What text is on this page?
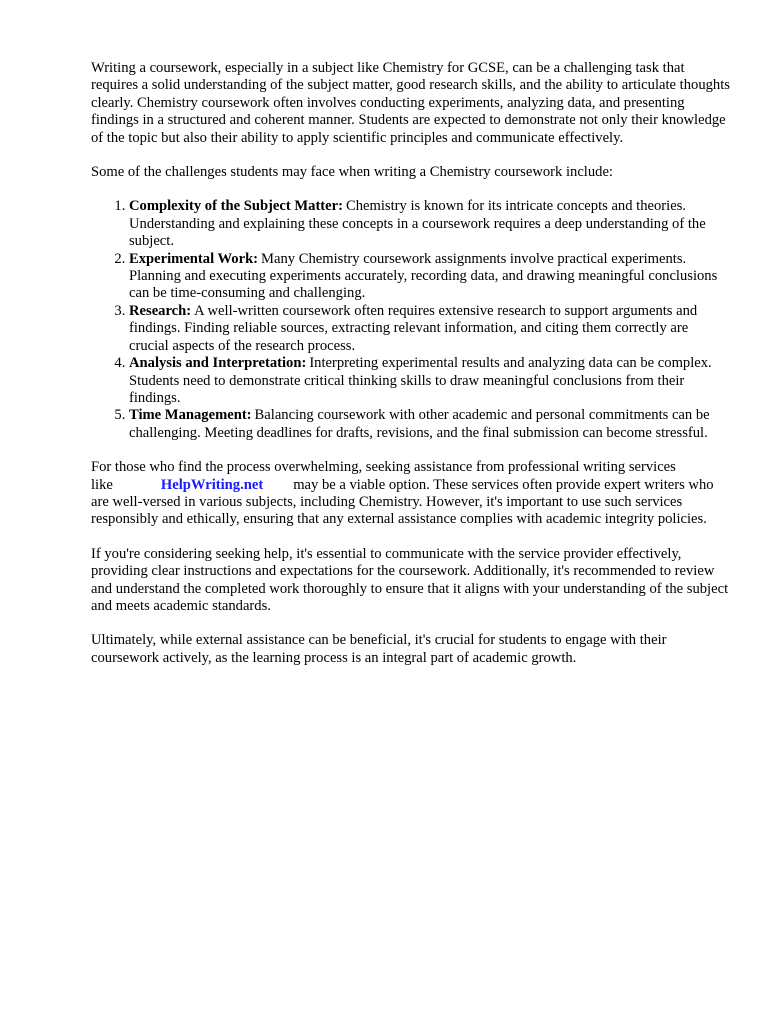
Writing a coursework, especially in a subject like Chemistry for GCSE, can be a challenging task that requires a solid understanding of the subject matter, good research skills, and the ability to articulate thoughts clearly. Chemistry coursework often involves conducting experiments, analyzing data, and presenting findings in a structured and coherent manner. Students are expected to demonstrate not only their knowledge of the topic but also their ability to apply scientific principles and communicate effectively.

Some of the challenges students may face when writing a Chemistry coursework include:

1. Complexity of the Subject Matter: Chemistry is known for its intricate concepts and theories. Understanding and explaining these concepts in a coursework requires a deep understanding of the subject.
2. Experimental Work: Many Chemistry coursework assignments involve practical experiments. Planning and executing experiments accurately, recording data, and drawing meaningful conclusions can be time-consuming and challenging.
3. Research: A well-written coursework often requires extensive research to support arguments and findings. Finding reliable sources, extracting relevant information, and citing them correctly are crucial aspects of the research process.
4. Analysis and Interpretation: Interpreting experimental results and analyzing data can be complex. Students need to demonstrate critical thinking skills to draw meaningful conclusions from their findings.
5. Time Management: Balancing coursework with other academic and personal commitments can be challenging. Meeting deadlines for drafts, revisions, and the final submission can become stressful.

For those who find the process overwhelming, seeking assistance from professional writing services like	HelpWriting.net may be a viable option. These services often provide expert writers who are well-versed in various subjects, including Chemistry. However, it's important to use such services responsibly and ethically, ensuring that any external assistance complies with academic integrity policies.

If you're considering seeking help, it's essential to communicate with the service provider effectively, providing clear instructions and expectations for the coursework. Additionally, it's recommended to review and understand the completed work thoroughly to ensure that it aligns with your understanding of the subject and meets academic standards.

Ultimately, while external assistance can be beneficial, it's crucial for students to engage with their coursework actively, as the learning process is an integral part of academic growth.
